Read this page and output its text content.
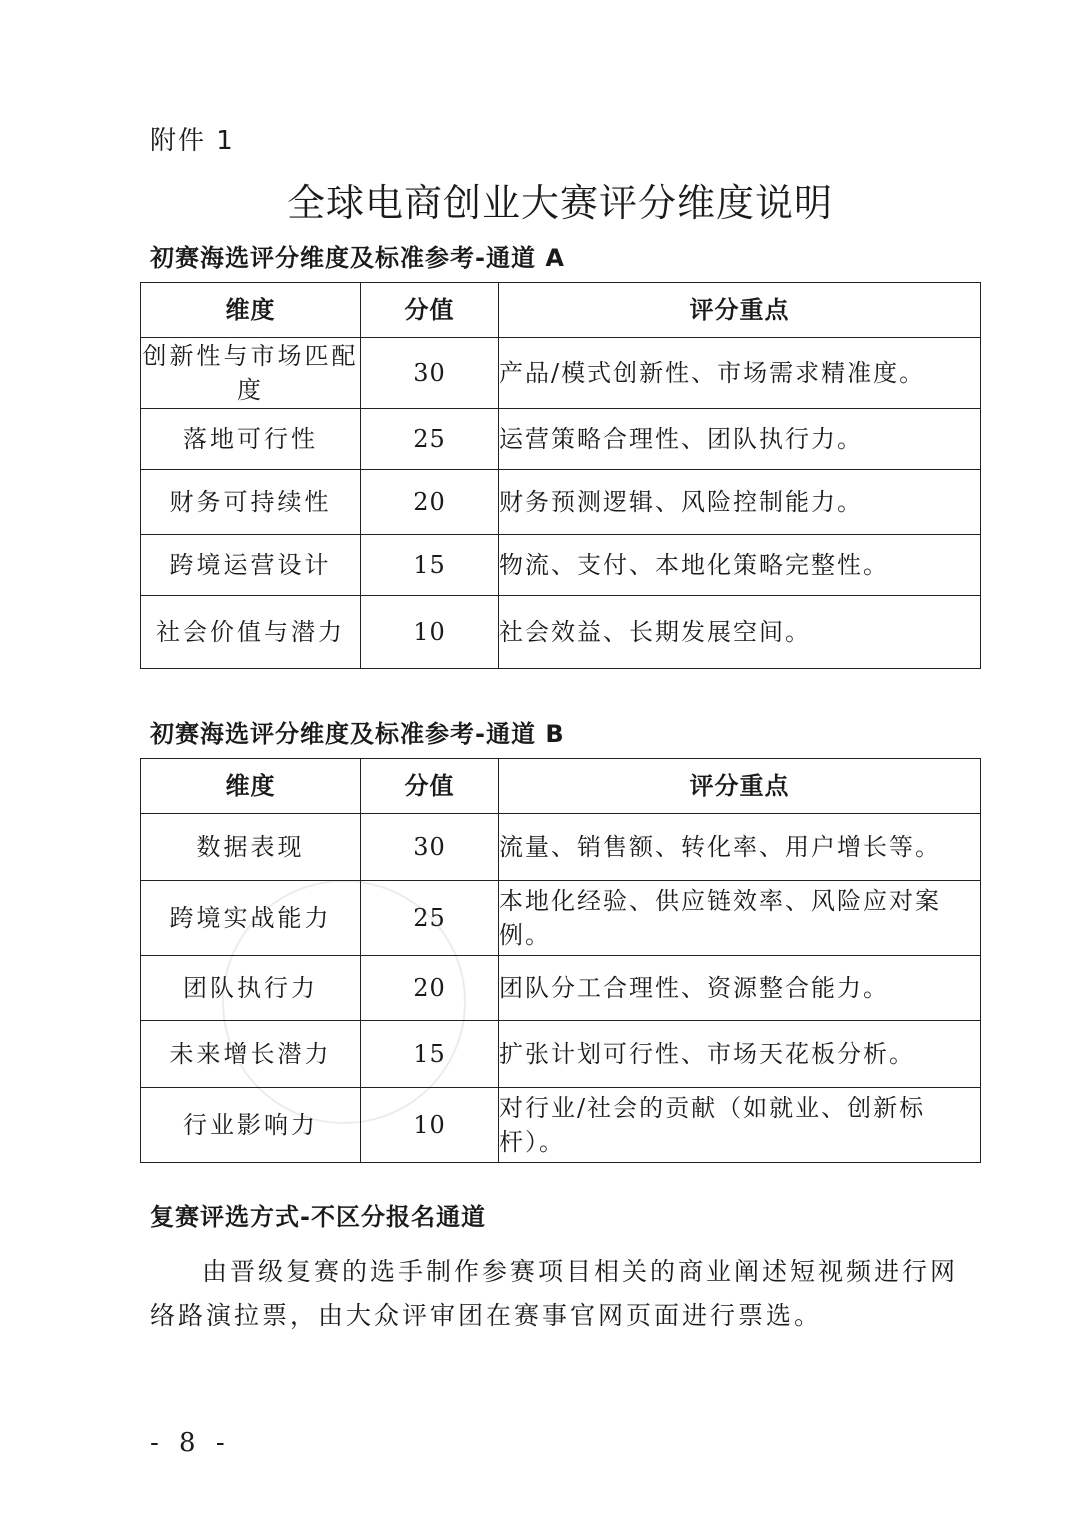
附件 1
全球电商创业大赛评分维度说明
初赛海选评分维度及标准参考-通道 A
维度	分值	评分重点
创新性与市场匹配度	30	产品/模式创新性、市场需求精准度。
落地可行性	25	运营策略合理性、团队执行力。
财务可持续性	20	财务预测逻辑、风险控制能力。
跨境运营设计	15	物流、支付、本地化策略完整性。
社会价值与潜力	10	社会效益、长期发展空间。
初赛海选评分维度及标准参考-通道 B
维度	分值	评分重点
数据表现	30	流量、销售额、转化率、用户增长等。
跨境实战能力	25	本地化经验、供应链效率、风险应对案例。
团队执行力	20	团队分工合理性、资源整合能力。
未来增长潜力	15	扩张计划可行性、市场天花板分析。
行业影响力	10	对行业/社会的贡献（如就业、创新标杆）。
复赛评选方式-不区分报名通道
由晋级复赛的选手制作参赛项目相关的商业阐述短视频进行网络路演拉票，由大众评审团在赛事官网页面进行票选。
- 8 -
